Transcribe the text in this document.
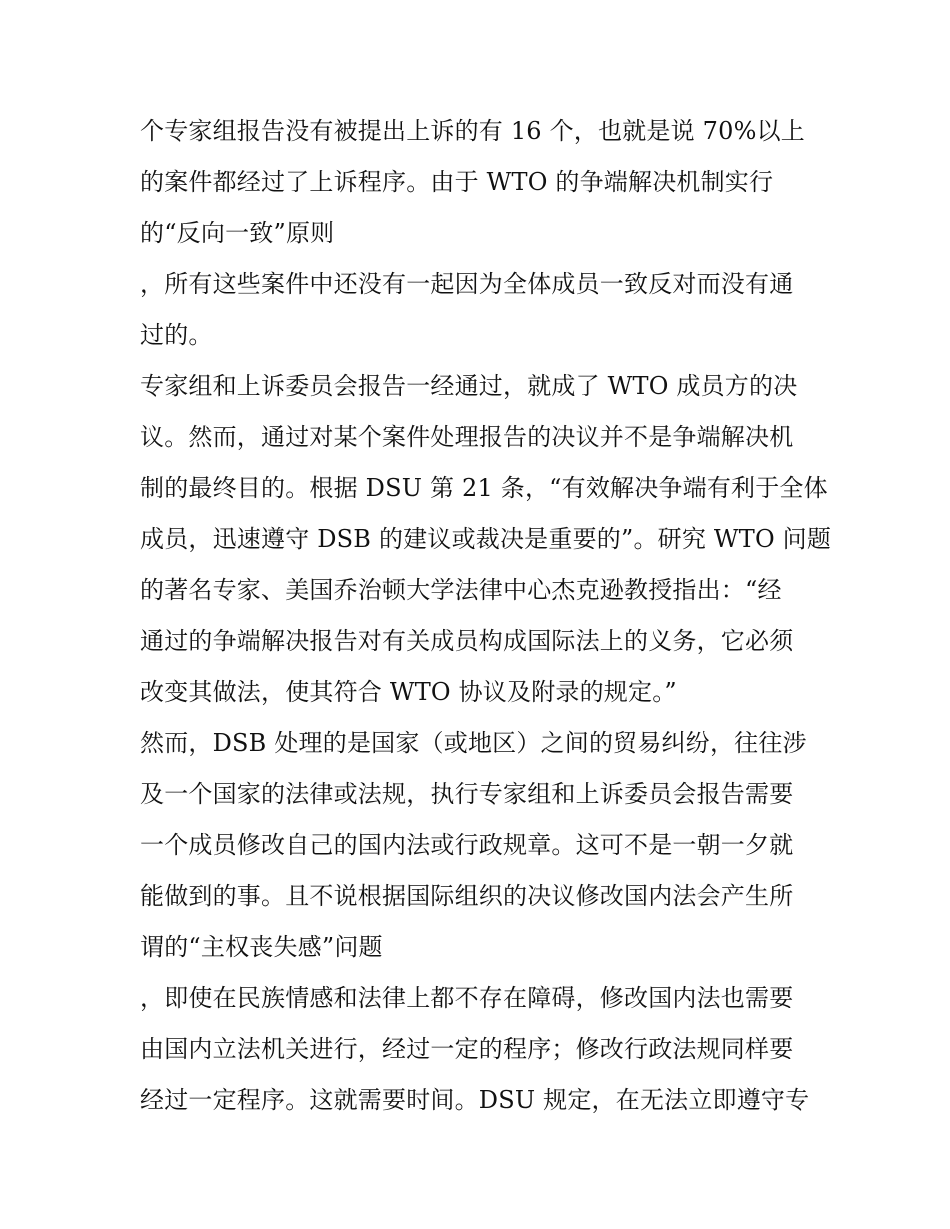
个专家组报告没有被提出上诉的有 16 个，也就是说 70%以上
的案件都经过了上诉程序。由于 WTO 的争端解决机制实行
的“反向一致”原则
，所有这些案件中还没有一起因为全体成员一致反对而没有通
过的。
专家组和上诉委员会报告一经通过，就成了 WTO 成员方的决
议。然而，通过对某个案件处理报告的决议并不是争端解决机
制的最终目的。根据 DSU 第 21 条，“有效解决争端有利于全体
成员，迅速遵守 DSB 的建议或裁决是重要的”。研究 WTO 问题
的著名专家、美国乔治顿大学法律中心杰克逊教授指出：“经
通过的争端解决报告对有关成员构成国际法上的义务，它必须
改变其做法，使其符合 WTO 协议及附录的规定。”
然而，DSB 处理的是国家（或地区）之间的贸易纠纷，往往涉
及一个国家的法律或法规，执行专家组和上诉委员会报告需要
一个成员修改自己的国内法或行政规章。这可不是一朝一夕就
能做到的事。且不说根据国际组织的决议修改国内法会产生所
谓的“主权丧失感”问题
，即使在民族情感和法律上都不存在障碍，修改国内法也需要
由国内立法机关进行，经过一定的程序；修改行政法规同样要
经过一定程序。这就需要时间。DSU 规定，在无法立即遵守专
